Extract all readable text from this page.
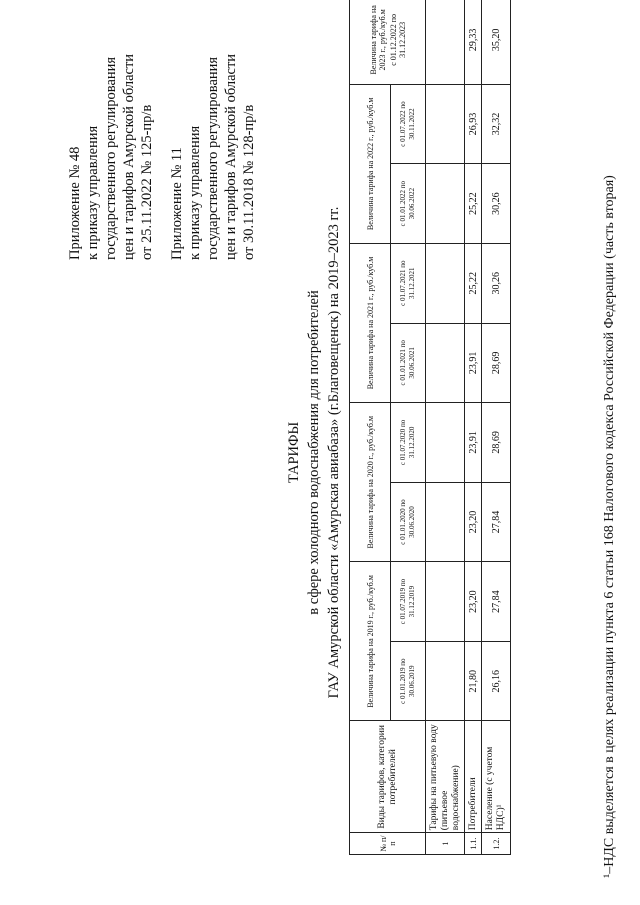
Приложение № 48 к приказу управления государственного регулирования цен и тарифов Амурской области от 25.11.2022 № 125-пр/в Приложение № 11 к приказу управления государственного регулирования цен и тарифов Амурской области от 30.11.2018 № 128-пр/в
ТАРИФЫ в сфере холодного водоснабжения для потребителей ГАУ Амурской области «Амурская авиабаза» (г.Благовещенск) на 2019–2023 гг.
№ п/п	Виды тарифов, категории потребителей	Величина тарифа на 2019 г., руб./куб.м		Величина тарифа на 2020 г., руб./куб.м		Величина тарифа на 2021 г., руб./куб.м		Величина тарифа на 2022 г., руб./куб.м		Величина тарифа на 2023 г., руб./куб.м с 01.12.2022 по 31.12.2023

		с 01.01.2019 по 30.06.2019	с 01.07.2019 по 31.12.2019	с 01.01.2020 по 30.06.2020	с 01.07.2020 по 31.12.2020	с 01.01.2021 по 30.06.2021	с 01.07.2021 по 31.12.2021	с 01.01.2022 по 30.06.2022	с 01.07.2022 по 30.11.2022	
1	Тарифы на питьевую воду (питьевое водоснабжение)									
1.1.	Потребители	21,80	23,20	23,20	23,91	23,91	25,22	25,22	26,93	29,33
1.2.	Население (с учетом НДС)¹	26,16	27,84	27,84	28,69	28,69	30,26	30,26	32,32	35,20
¹–НДС выделяется в целях реализации пункта 6 статьи 168 Налогового кодекса Российской Федерации (часть вторая)
